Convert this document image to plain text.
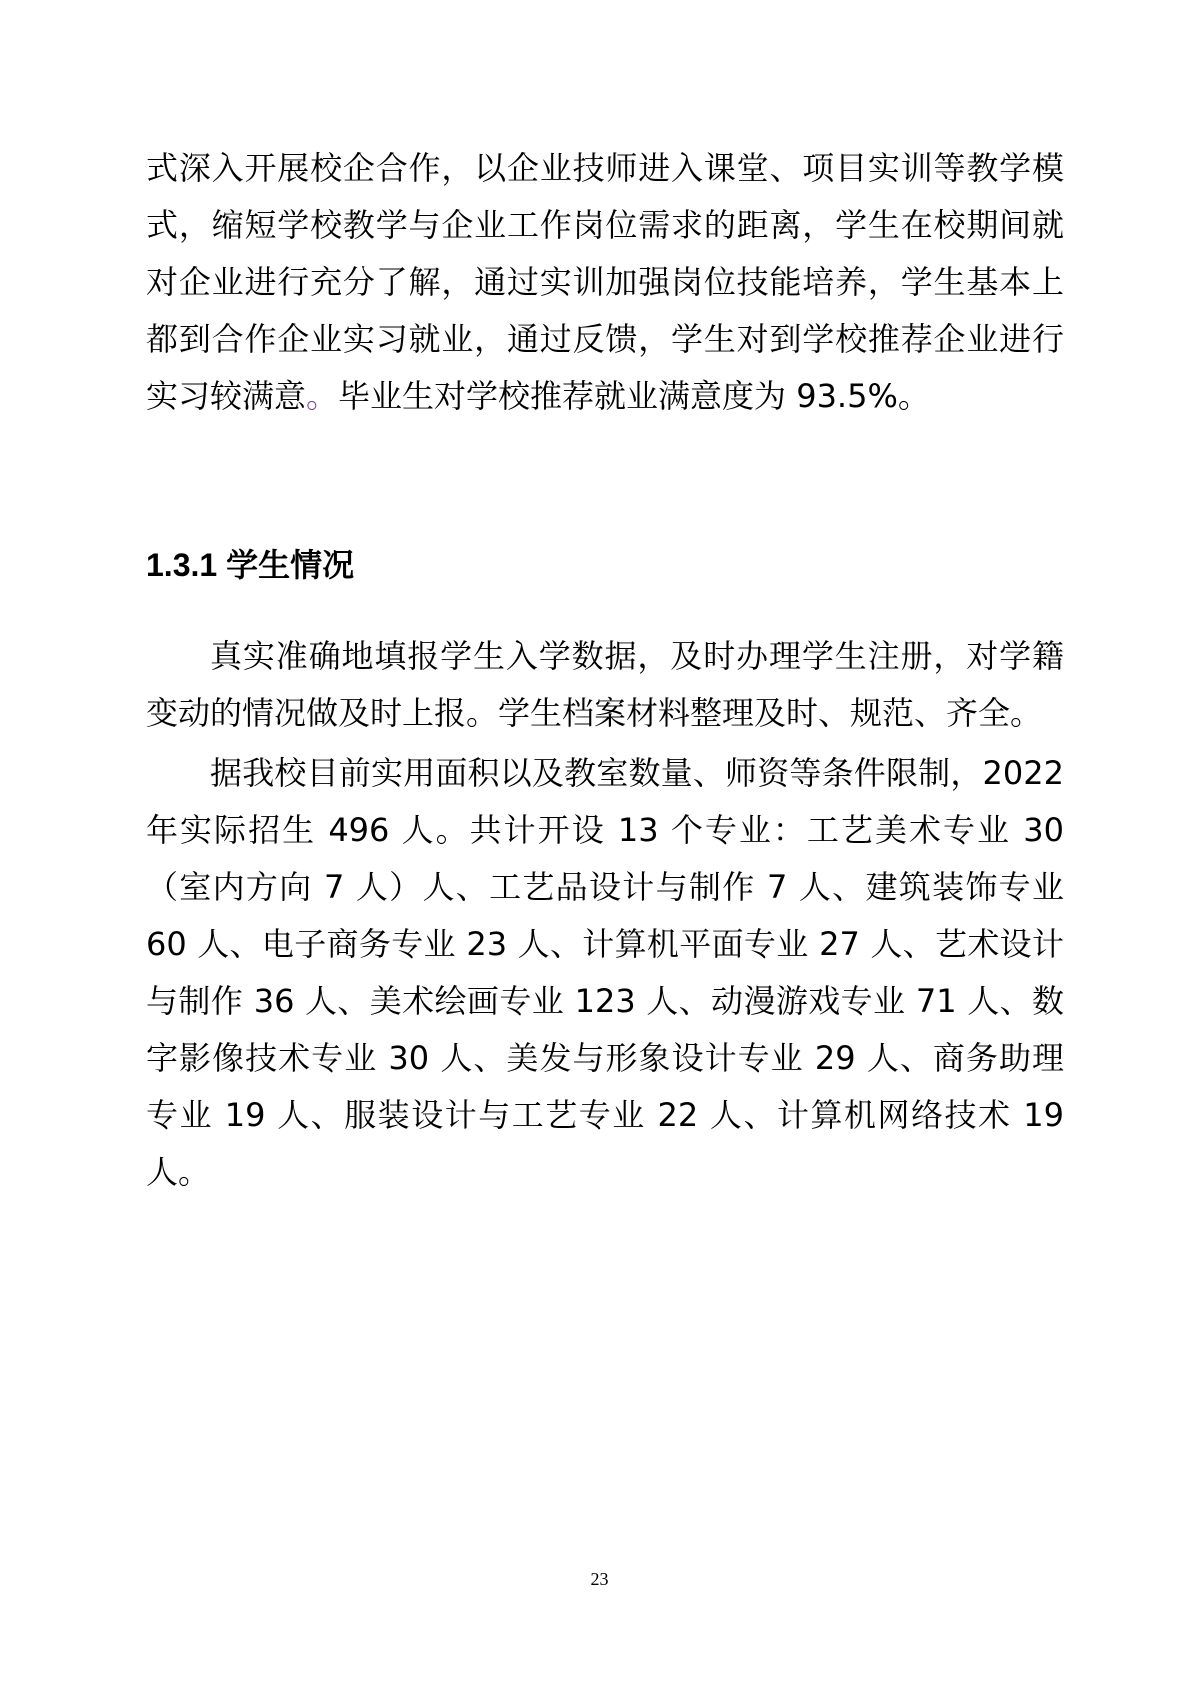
式深入开展校企合作，以企业技师进入课堂、项目实训等教学模式，缩短学校教学与企业工作岗位需求的距离，学生在校期间就对企业进行充分了解，通过实训加强岗位技能培养，学生基本上都到合作企业实习就业，通过反馈，学生对到学校推荐企业进行实习较满意。毕业生对学校推荐就业满意度为 93.5%。

1.3.1 学生情况

真实准确地填报学生入学数据，及时办理学生注册，对学籍变动的情况做及时上报。学生档案材料整理及时、规范、齐全。

据我校目前实用面积以及教室数量、师资等条件限制，2022 年实际招生 496 人。共计开设 13 个专业：工艺美术专业 30（室内方向 7 人）人、工艺品设计与制作 7 人、建筑装饰专业 60 人、电子商务专业 23 人、计算机平面专业 27 人、艺术设计与制作 36 人、美术绘画专业 123 人、动漫游戏专业 71 人、数字影像技术专业 30 人、美发与形象设计专业 29 人、商务助理专业 19 人、服装设计与工艺专业 22 人、计算机网络技术 19 人。

23
